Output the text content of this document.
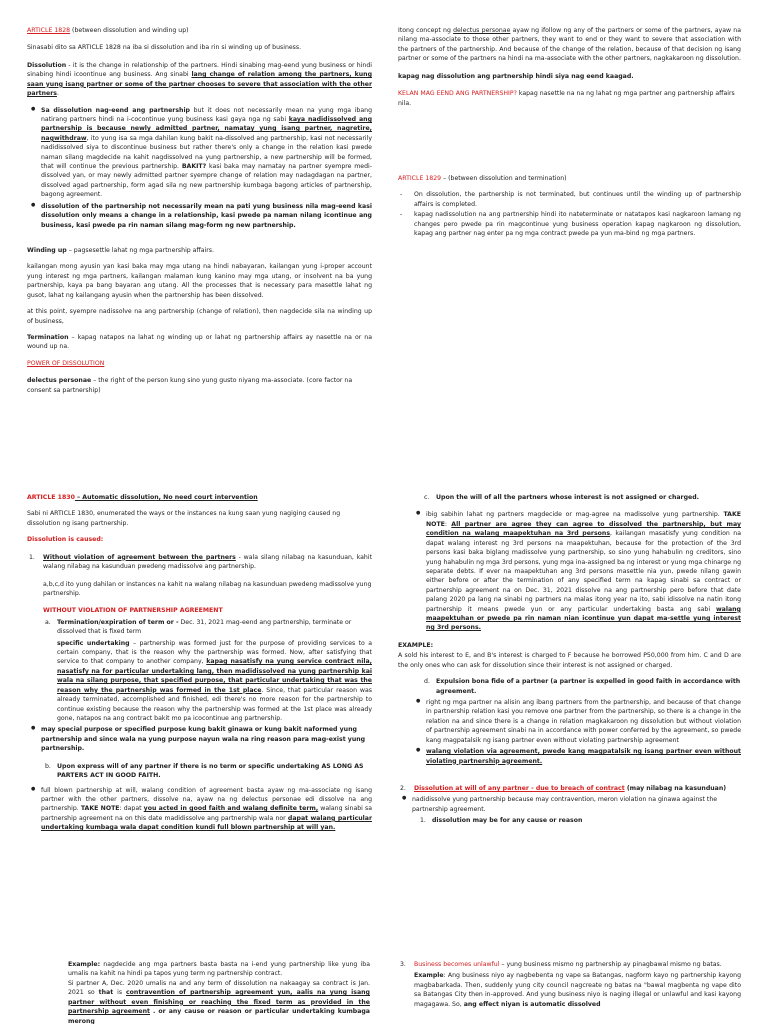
ARTICLE 1828 (between dissolution and winding up)

Sinasabi dito sa ARTICLE 1828 na iba si dissolution and iba rin si winding up of business.

Dissolution - it is the change in relationship of the partners. Hindi sinabing mag-eend yung business or hindi sinabing hindi icoontinue ang business. Ang sinabi lang change of relation among the partners, kung saan yung isang partner or some of the partner chooses to severe that association with the other partners.

● Sa dissolution nag-eend ang partnership but it does not necessarily mean na yung mga ibang natirang partners hindi na i-cocontinue yung business kasi gaya nga ng sabi kaya nadidissolved ang partnership is because newly admitted partner, namatay yung isang partner, nagretire, nagwithdraw, ito yung isa sa mga dahilan kung bakit na-dissolved ang partnership, kasi not necessarily nadidissolved siya to discontinue business but rather there's only a change in the relation kasi pwede naman silang magdecide na kahit nagdissolved na yung partnership, a new partnership will be formed, that will continue the previous partnership. BAKIT? kasi baka may namatay na partner syempre medi-dissolved yan, or may newly admitted partner syempre change of relation may nadagdagan na partner, dissolved agad partnership, form agad sila ng new partnership kumbaga bagong articles of partnership, bagong agreement.
● dissolution of the partnership not necessarily mean na pati yung business nila mag-eend kasi dissolution only means a change in a relationship, kasi pwede pa naman nilang icontinue ang business, kasi pwede pa rin naman silang mag-form ng new partnership.

Winding up – pagsesettle lahat ng mga partnership affairs.

kailangan mong ayusin yan kasi baka may mga utang na hindi nabayaran, kailangan yung i-proper account yung interest ng mga partners, kailangan malaman kung kanino may mga utang, or insolvent na ba yung partnership, kaya pa bang bayaran ang utang. All the processes that is necessary para masettle lahat ng gusot, lahat ng kailangang ayusin when the partnership has been dissolved.

at this point, syempre nadissolve na ang partnership (change of relation), then nagdecide sila na winding up of business,

Termination – kapag natapos na lahat ng winding up or lahat ng partnership affairs ay nasettle na or na wound up na.

POWER OF DISSOLUTION

delectus personae – the right of the person kung sino yung gusto niyang ma-associate. (core factor na consent sa partnership)

Itong concept ng delectus personae ayaw ng ifollow ng any of the partners or some of the partners, ayaw na nilang ma-associate to those other partners, they want to end or they want to severe that association with the partners of the partnership. And because of the change of the relation, because of that decision ng isang partner or some of the partners na hindi na ma-associate with the other partners, nagkakaroon ng dissolution.

kapag nag dissolution ang partnership hindi siya nag eend kaagad.

KELAN MAG EEND ANG PARTNERSHIP? kapag nasettle na na ng lahat ng mga partner ang partnership affairs nila.

ARTICLE 1829 – (between dissolution and termination)

- On dissolution, the partnership is not terminated, but continues until the winding up of partnership affairs is completed.
- kapag nadissolution na ang partnership hindi ito nateterminate or natatapos kasi nagkaroon lamang ng changes pero pwede pa rin magcontinue yung business operation kapag nagkaroon ng dissolution, kapag ang partner nag enter pa ng mga contract pwede pa yun ma-bind ng mga partners.

ARTICLE 1830 – Automatic dissolution, No need court intervention

Sabi ni ARTICLE 1830, enumerated the ways or the instances na kung saan yung nagiging caused ng dissolution ng isang partnership.

Dissolution is caused:

1. Without violation of agreement between the partners - wala silang nilabag na kasunduan, kahit walang nilabag na kasunduan pwedeng madissolve ang partnership.

a,b,c,d ito yung dahilan or instances na kahit na walang nilabag na kasunduan pwedeng madissolve yung partnership.

WITHOUT VIOLATION OF PARTNERSHIP AGREEMENT

a. Termination/expiration of term or - Dec. 31, 2021 mag-eend ang partnership, terminate or dissolved that is fixed term

specific undertaking – partnership was formed just for the purpose of providing services to a certain company, that is the reason why the partnership was formed. Now, after satisfying that service to that company to another company, kapag nasatisfy na yung service contract nila, nasatisfy na for particular undertaking lang, then madidissolved na yung partnership kai wala na silang purpose, that specified purpose, that particular undertaking that was the reason why the partnership was formed in the 1st place. Since, that particular reason was already terminated, accomplished and finished, edi there's no more reason for the partnership to continue existing because the reason why the partnership was formed at the 1st place was already gone, natapos na ang contract bakit mo pa icocontinue ang partnership.

● may special purpose or specified purpose kung bakit ginawa or kung bakit naformed yung partnership and since wala na yung purpose nayun wala na ring reason para mag-exist yung partnership.

b. Upon express will of any partner if there is no term or specific undertaking AS LONG AS PARTERS ACT IN GOOD FAITH.

● full blown partnership at will, walang condition of agreement basta ayaw ng ma-associate ng isang partner with the other partners, dissolve na, ayaw na ng delectus personae edi dissolve na ang partnership. TAKE NOTE: dapat you acted in good faith and walang definite term, walang sinabi sa partnership agreement na on this date madidissolve ang partnership wala nor dapat walang particular undertaking kumbaga wala dapat condition kundi full blown partnership at will yan.

c. Upon the will of all the partners whose interest is not assigned or charged.

● ibig sabihin lahat ng partners magdecide or mag-agree na madissolve yung partnership. TAKE NOTE: All partner are agree they can agree to dissolved the partnership, but may condition na walang maapektuhan na 3rd persons, kailangan masatisfy yung condition na dapat walang interest ng 3rd persons na maapektuhan, because for the protection of the 3rd persons kasi baka biglang madissolve yung partnership, so sino yung hahabulin ng creditors, sino yung hahabulin ng mga 3rd persons, yung mga ina-assigned ba ng interest or yung mga chinarge ng separate debts. If ever na maapektuhan ang 3rd persons masettle nia yun, pwede nilang gawin either before or after the termination of any specified term na kapag sinabi sa contract or partnership agreement na on Dec. 31, 2021 dissolve na ang partnership pero before that date palang 2020 pa lang na sinabi ng partners na malas itong year na ito, sabi idissolve na natin itong partnership it means pwede yun or any particular undertaking basta ang sabi walang maapektuhan or pwede pa rin naman nian icontinue yun dapat ma-settle yung interest ng 3rd persons.

EXAMPLE:

A sold his interest to E, and B's interest is charged to F because he borrowed P50,000 from him. C and D are the only ones who can ask for dissolution since their interest is not assigned or charged.

d. Expulsion bona fide of a partner (a partner is expelled in good faith in accordance with agreement.

● right ng mga partner na alisin ang ibang partners from the partnership, and because of that change in partnership relation kasi you remove one partner from the partnership, so there is a change in the relation na and since there is a change in relation magkakaroon ng dissolution but without violation of partnership agreement sinabi na in accordance with power conferred by the agreement, so pwede kang magpatalsik ng isang partner even without violating partnership agreement
● walang violation via agreement, pwede kang magpatalsik ng isang partner even without violating partnership agreement.

2. Dissolution at will of any partner - due to breach of contract (may nilabag na kasunduan)

● nadidissolve yung partnership because may contravention, meron violation na ginawa against the partnership agreement.

1. dissolution may be for any cause or reason

Example: nagdecide ang mga partners basta basta na i-end yung partnership like yung iba umalis na kahit na hindi pa tapos yung term ng partnership contract.

Si partner A, Dec. 2020 umalis na and any term of dissolution na nakaagay sa contract is Jan. 2021 so that is contravention of partnership agreement yun, aalis na yung isang partner without even finishing or reaching the fixed term as provided in the partnership agreement . or any cause or reason or particular undertaking kumbaga merong

3. Business becomes unlawful – yung business mismo ng partnership ay pinagbawal mismo ng batas.

Example: Ang business niyo ay nagbebenta ng vape sa Batangas, nagform kayo ng partnership kayong magbabarkada. Then, suddenly yung city council nagcreate ng batas na "bawal magbenta ng vape dito sa Batangas City then in-approved. And yung business niyo is naging illegal or unlawful and kasi kayong magagawa. So, ang effect niyan is automatic dissolved
